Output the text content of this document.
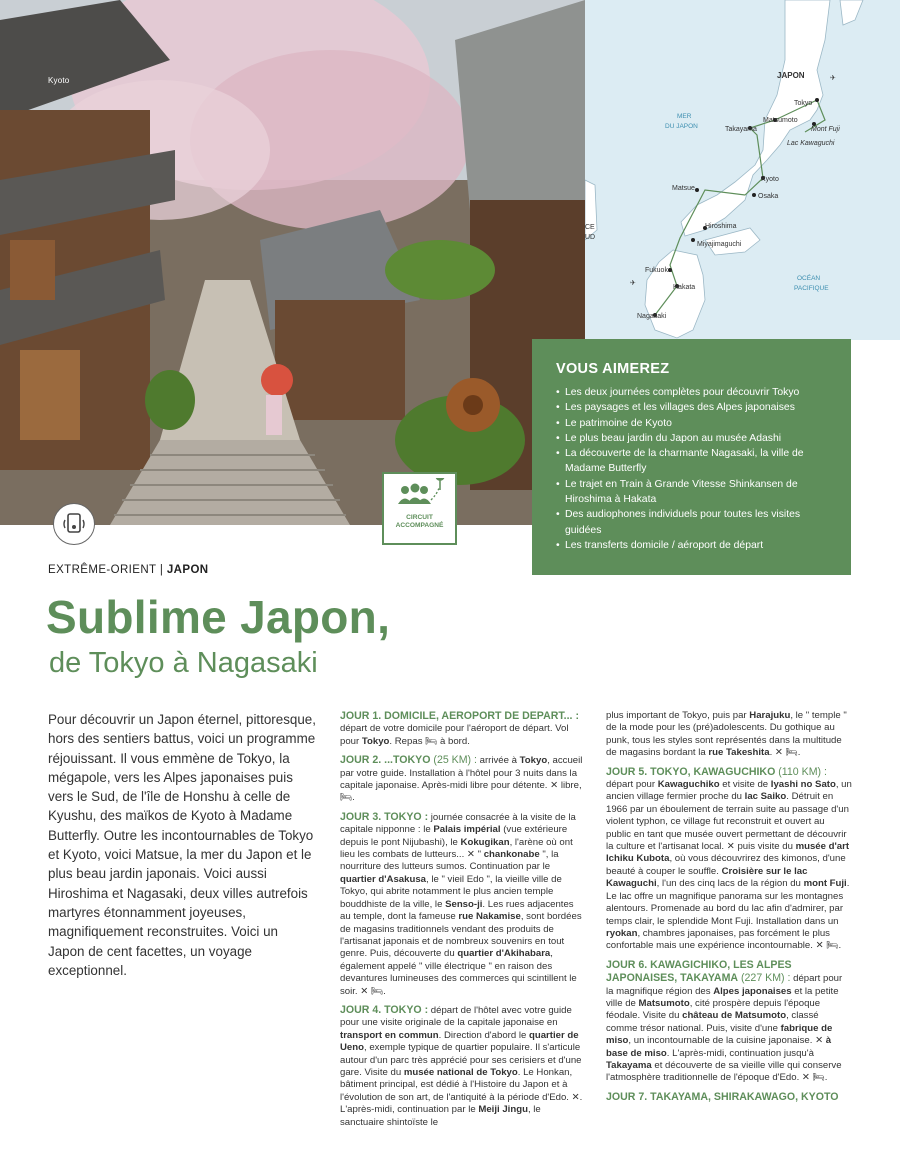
Kyoto	✈
✈
JAPON
MER
DU JAPON
OCÉAN
PACIFIQUE
CE
UD
Tokyo
Matsumoto
Mont Fuji
Takayama
Lac Kawaguchi
Kyoto
Matsue
Osaka
Hiroshima
Miyajimaguchi
Fukuoka
Hakata
Nagasaki
VOUS AIMEREZ
• Les deux journées complètes pour découvrir Tokyo
• Les paysages et les villages des Alpes japonaises
• Le patrimoine de Kyoto
• Le plus beau jardin du Japon au musée Adashi
• La découverte de la charmante Nagasaki, la ville de Madame Butterfly
• Le trajet en Train à Grande Vitesse Shinkansen de Hiroshima à Hakata
• Des audiophones individuels pour toutes les visites guidées
• Les transferts domicile / aéroport de départ
CIRCUIT
ACCOMPAGNÉ
EXTRÊME-ORIENT | JAPON
Sublime Japon,
de Tokyo à Nagasaki
Pour découvrir un Japon éternel, pittoresque, hors des sentiers battus, voici un programme réjouissant. Il vous emmène de Tokyo, la mégapole, vers les Alpes japonaises puis vers le Sud, de l'île de Honshu à celle de Kyushu, des maïkos de Kyoto à Madame Butterfly. Outre les incontournables de Tokyo et Kyoto, voici Matsue, la mer du Japon et le plus beau jardin japonais. Voici aussi Hiroshima et Nagasaki, deux villes autrefois martyres étonnamment joyeuses, magnifiquement reconstruites. Voici un Japon de cent facettes, un voyage exceptionnel.

JOUR 1. DOMICILE, AEROPORT DE DEPART... : départ de votre domicile pour l'aéroport de départ. Vol pour Tokyo. Repas 🛏 à bord.

JOUR 2. ...TOKYO (25 KM) : arrivée à Tokyo, accueil par votre guide. Installation à l'hôtel pour 3 nuits dans la capitale japonaise. Après-midi libre pour détente. ✕ libre, 🛏.

JOUR 3. TOKYO : journée consacrée à la visite de la capitale nipponne : le Palais impérial (vue extérieure depuis le pont Nijubashi), le Kokugikan, l'arène où ont lieu les combats de lutteurs... ✕ " chankonabe ", la nourriture des lutteurs sumos. Continuation par le quartier d'Asakusa, le " vieil Edo ", la vieille ville de Tokyo, qui abrite notamment le plus ancien temple bouddhiste de la ville, le Senso-ji. Les rues adjacentes au temple, dont la fameuse rue Nakamise, sont bordées de magasins traditionnels vendant des produits de l'artisanat japonais et de nombreux souvenirs en tout genre. Puis, découverte du quartier d'Akihabara, également appelé " ville électrique " en raison des devantures lumineuses des commerces qui scintillent le soir. ✕ 🛏.

JOUR 4. TOKYO : départ de l'hôtel avec votre guide pour une visite originale de la capitale japonaise en transport en commun. Direction d'abord le quartier de Ueno, exemple typique de quartier populaire. Il s'articule autour d'un parc très apprécié pour ses cerisiers et d'une gare. Visite du musée national de Tokyo. Le Honkan, bâtiment principal, est dédié à l'Histoire du Japon et à l'évolution de son art, de l'antiquité à la période d'Edo. ✕. L'après-midi, continuation par le Meiji Jingu, le sanctuaire shintoïste le

plus important de Tokyo, puis par Harajuku, le " temple " de la mode pour les (pré)adolescents. Du gothique au punk, tous les styles sont représentés dans la multitude de magasins bordant la rue Takeshita. ✕ 🛏.

JOUR 5. TOKYO, KAWAGUCHIKO (110 KM) : départ pour Kawaguchiko et visite de Iyashi no Sato, un ancien village fermier proche du lac Saiko. Détruit en 1966 par un éboulement de terrain suite au passage d'un violent typhon, ce village fut reconstruit et ouvert au public en tant que musée ouvert permettant de découvrir la culture et l'artisanat local. ✕ puis visite du musée d'art Ichiku Kubota, où vous découvrirez des kimonos, d'une beauté à couper le souffle. Croisière sur le lac Kawaguchi, l'un des cinq lacs de la région du mont Fuji. Le lac offre un magnifique panorama sur les montagnes alentours. Promenade au bord du lac afin d'admirer, par temps clair, le splendide Mont Fuji. Installation dans un ryokan, chambres japonaises, pas forcément le plus confortable mais une expérience incontournable. ✕ 🛏.

JOUR 6. KAWAGICHIKO, LES ALPES JAPONAISES, TAKAYAMA (227 KM) : départ pour la magnifique région des Alpes japonaises et la petite ville de Matsumoto, cité prospère depuis l'époque féodale. Visite du château de Matsumoto, classé comme trésor national. Puis, visite d'une fabrique de miso, un incontournable de la cuisine japonaise. ✕ à base de miso. L'après-midi, continuation jusqu'à Takayama et découverte de sa vieille ville qui conserve l'atmosphère traditionnelle de l'époque d'Edo. ✕ 🛏.

JOUR 7. TAKAYAMA, SHIRAKAWAGO, KYOTO
